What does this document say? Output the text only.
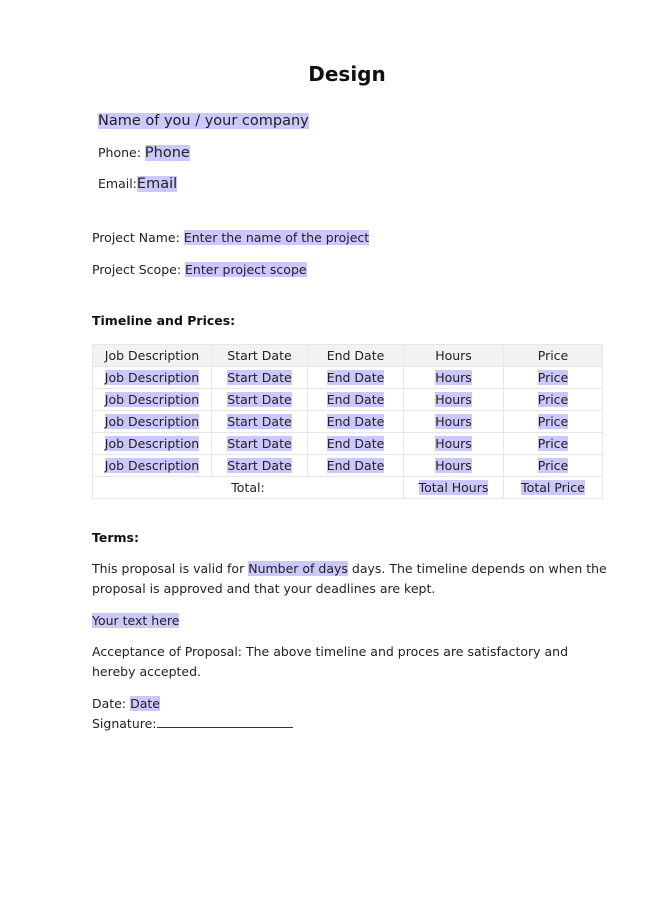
Design
Name of you / your company
Phone: Phone
Email:Email
Project Name: Enter the name of the project
Project Scope: Enter project scope
Timeline and Prices:
Job Description	Start Date	End Date	Hours	Price
Job Description	Start Date	End Date	Hours	Price
Job Description	Start Date	End Date	Hours	Price
Job Description	Start Date	End Date	Hours	Price
Job Description	Start Date	End Date	Hours	Price
Job Description	Start Date	End Date	Hours	Price
Total:			Total Hours	Total Price
Terms:

This proposal is valid for Number of days days. The timeline depends on when the proposal is approved and that your deadlines are kept.

Your text here

Acceptance of Proposal: The above timeline and proces are satisfactory and hereby accepted.

Date: Date

Signature:
